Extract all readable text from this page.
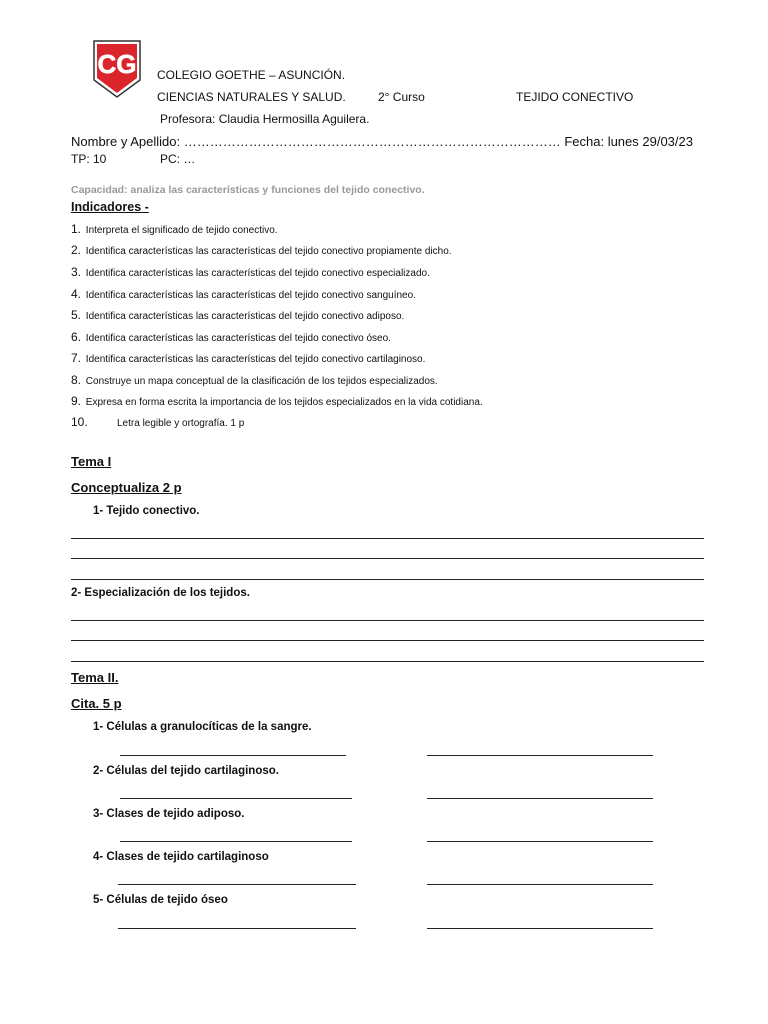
CG COLEGIO GOETHE – ASUNCIÓN.
CIENCIAS NATURALES Y SALUD.	2° Curso	TEJIDO CONECTIVO
Profesora: Claudia Hermosilla Aguilera.
Nombre y Apellido: …………………………………………………………………………… Fecha: lunes 29/03/23
TP: 10	PC: …
Capacidad: analiza las características y funciones del tejido conectivo.
Indicadores -
1. Interpreta el significado de tejido conectivo.
2. Identifica características las características del tejido conectivo propiamente dicho.
3. Identifica características las características del tejido conectivo especializado.
4. Identifica características las características del tejido conectivo sanguíneo.
5. Identifica características las características del tejido conectivo adiposo.
6. Identifica características las características del tejido conectivo óseo.
7. Identifica características las características del tejido conectivo cartilaginoso.
8. Construye un mapa conceptual de la clasificación de los tejidos especializados.
9. Expresa en forma escrita la importancia de los tejidos especializados en la vida cotidiana.
10.	Letra legible y ortografía. 1 p
Tema I
Conceptualiza 2 p
1- Tejido conectivo.
2- Especialización de los tejidos.
Tema II.
Cita. 5 p
1- Células a granulocíticas de la sangre.
2- Células del tejido cartilaginoso.
3- Clases de tejido adiposo.
4- Clases de tejido cartilaginoso
5- Células de tejido óseo
